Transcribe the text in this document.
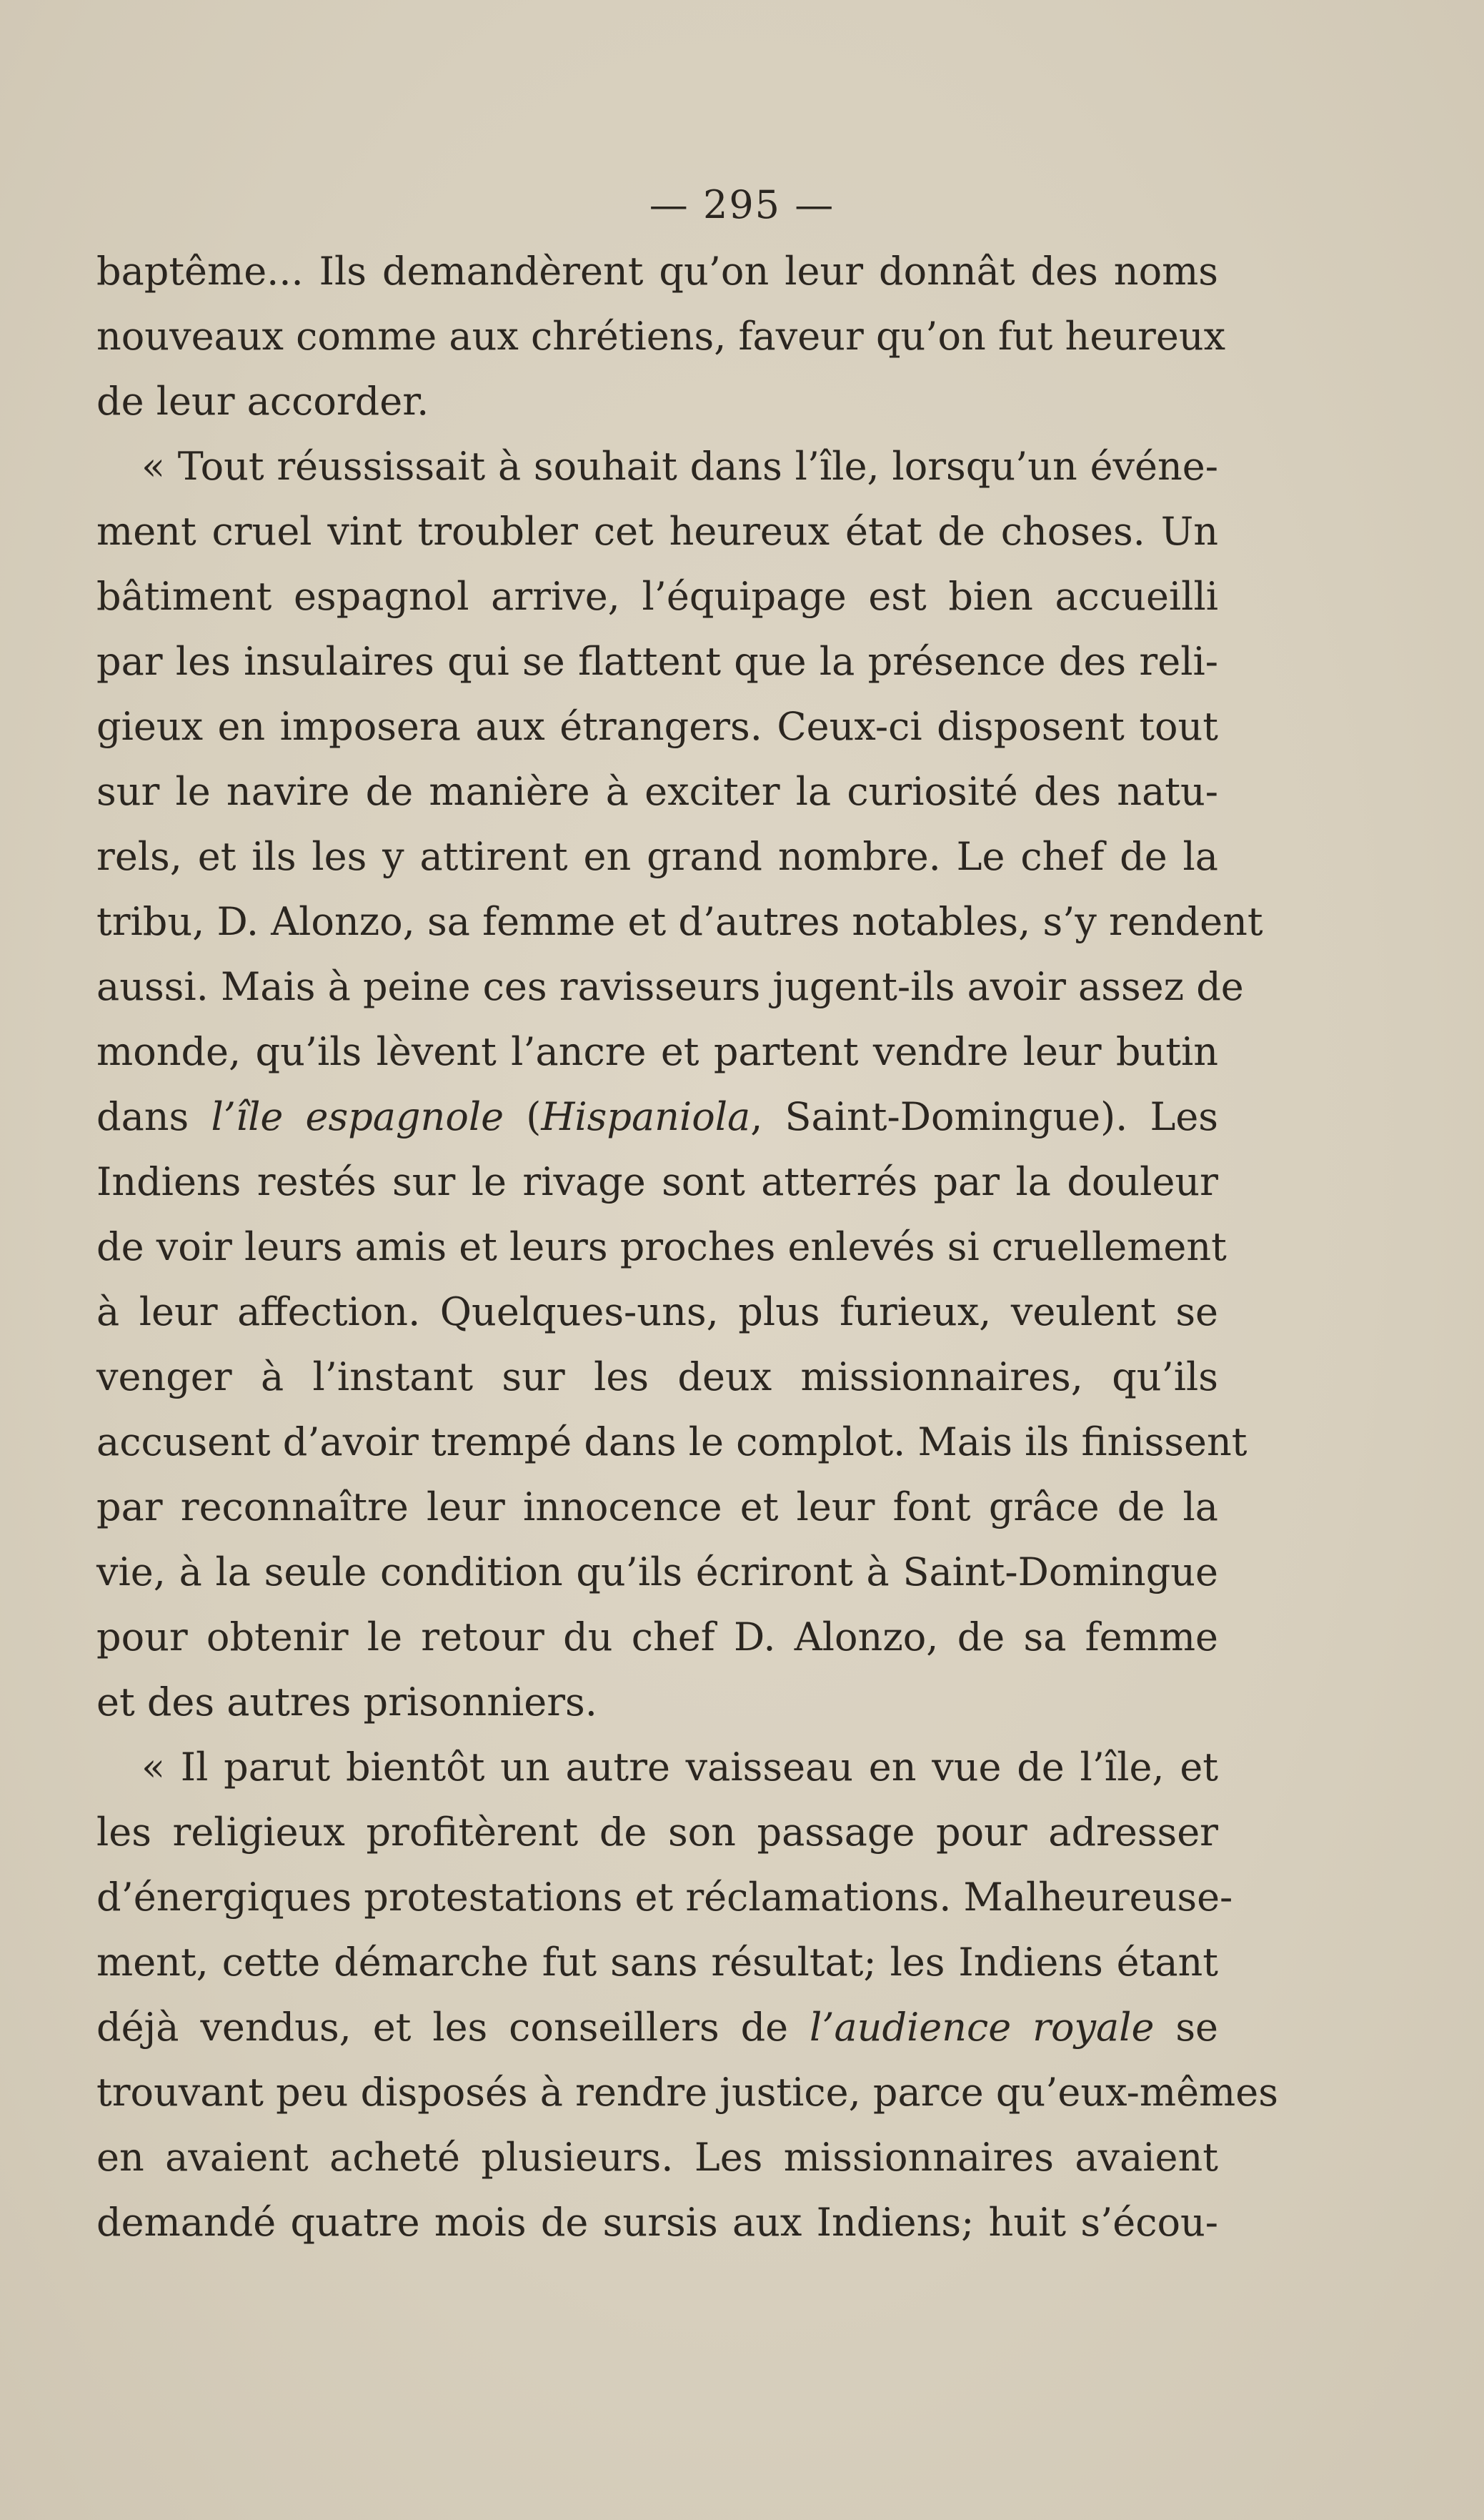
— 295 —
baptême... Ils demandèrent qu’on leur donnât des noms
nouveaux comme aux chrétiens, faveur qu’on fut heureux
de leur accorder.
« Tout réussissait à souhait dans l’île, lorsqu’un événe-
ment cruel vint troubler cet heureux état de choses. Un
bâtiment espagnol arrive, l’équipage est bien accueilli
par les insulaires qui se flattent que la présence des reli-
gieux en imposera aux étrangers. Ceux-ci disposent tout
sur le navire de manière à exciter la curiosité des natu-
rels, et ils les y attirent en grand nombre. Le chef de la
tribu, D. Alonzo, sa femme et d’autres notables, s’y rendent
aussi. Mais à peine ces ravisseurs jugent-ils avoir assez de
monde, qu’ils lèvent l’ancre et partent vendre leur butin
dans l’île espagnole (Hispaniola, Saint-Domingue). Les
Indiens restés sur le rivage sont atterrés par la douleur
de voir leurs amis et leurs proches enlevés si cruellement
à leur affection. Quelques-uns, plus furieux, veulent se
venger à l’instant sur les deux missionnaires, qu’ils
accusent d’avoir trempé dans le complot. Mais ils finissent
par reconnaître leur innocence et leur font grâce de la
vie, à la seule condition qu’ils écriront à Saint-Domingue
pour obtenir le retour du chef D. Alonzo, de sa femme
et des autres prisonniers.
« Il parut bientôt un autre vaisseau en vue de l’île, et
les religieux profitèrent de son passage pour adresser
d’énergiques protestations et réclamations. Malheureuse-
ment, cette démarche fut sans résultat; les Indiens étant
déjà vendus, et les conseillers de l’audience royale se
trouvant peu disposés à rendre justice, parce qu’eux-mêmes
en avaient acheté plusieurs. Les missionnaires avaient
demandé quatre mois de sursis aux Indiens; huit s’écou-
